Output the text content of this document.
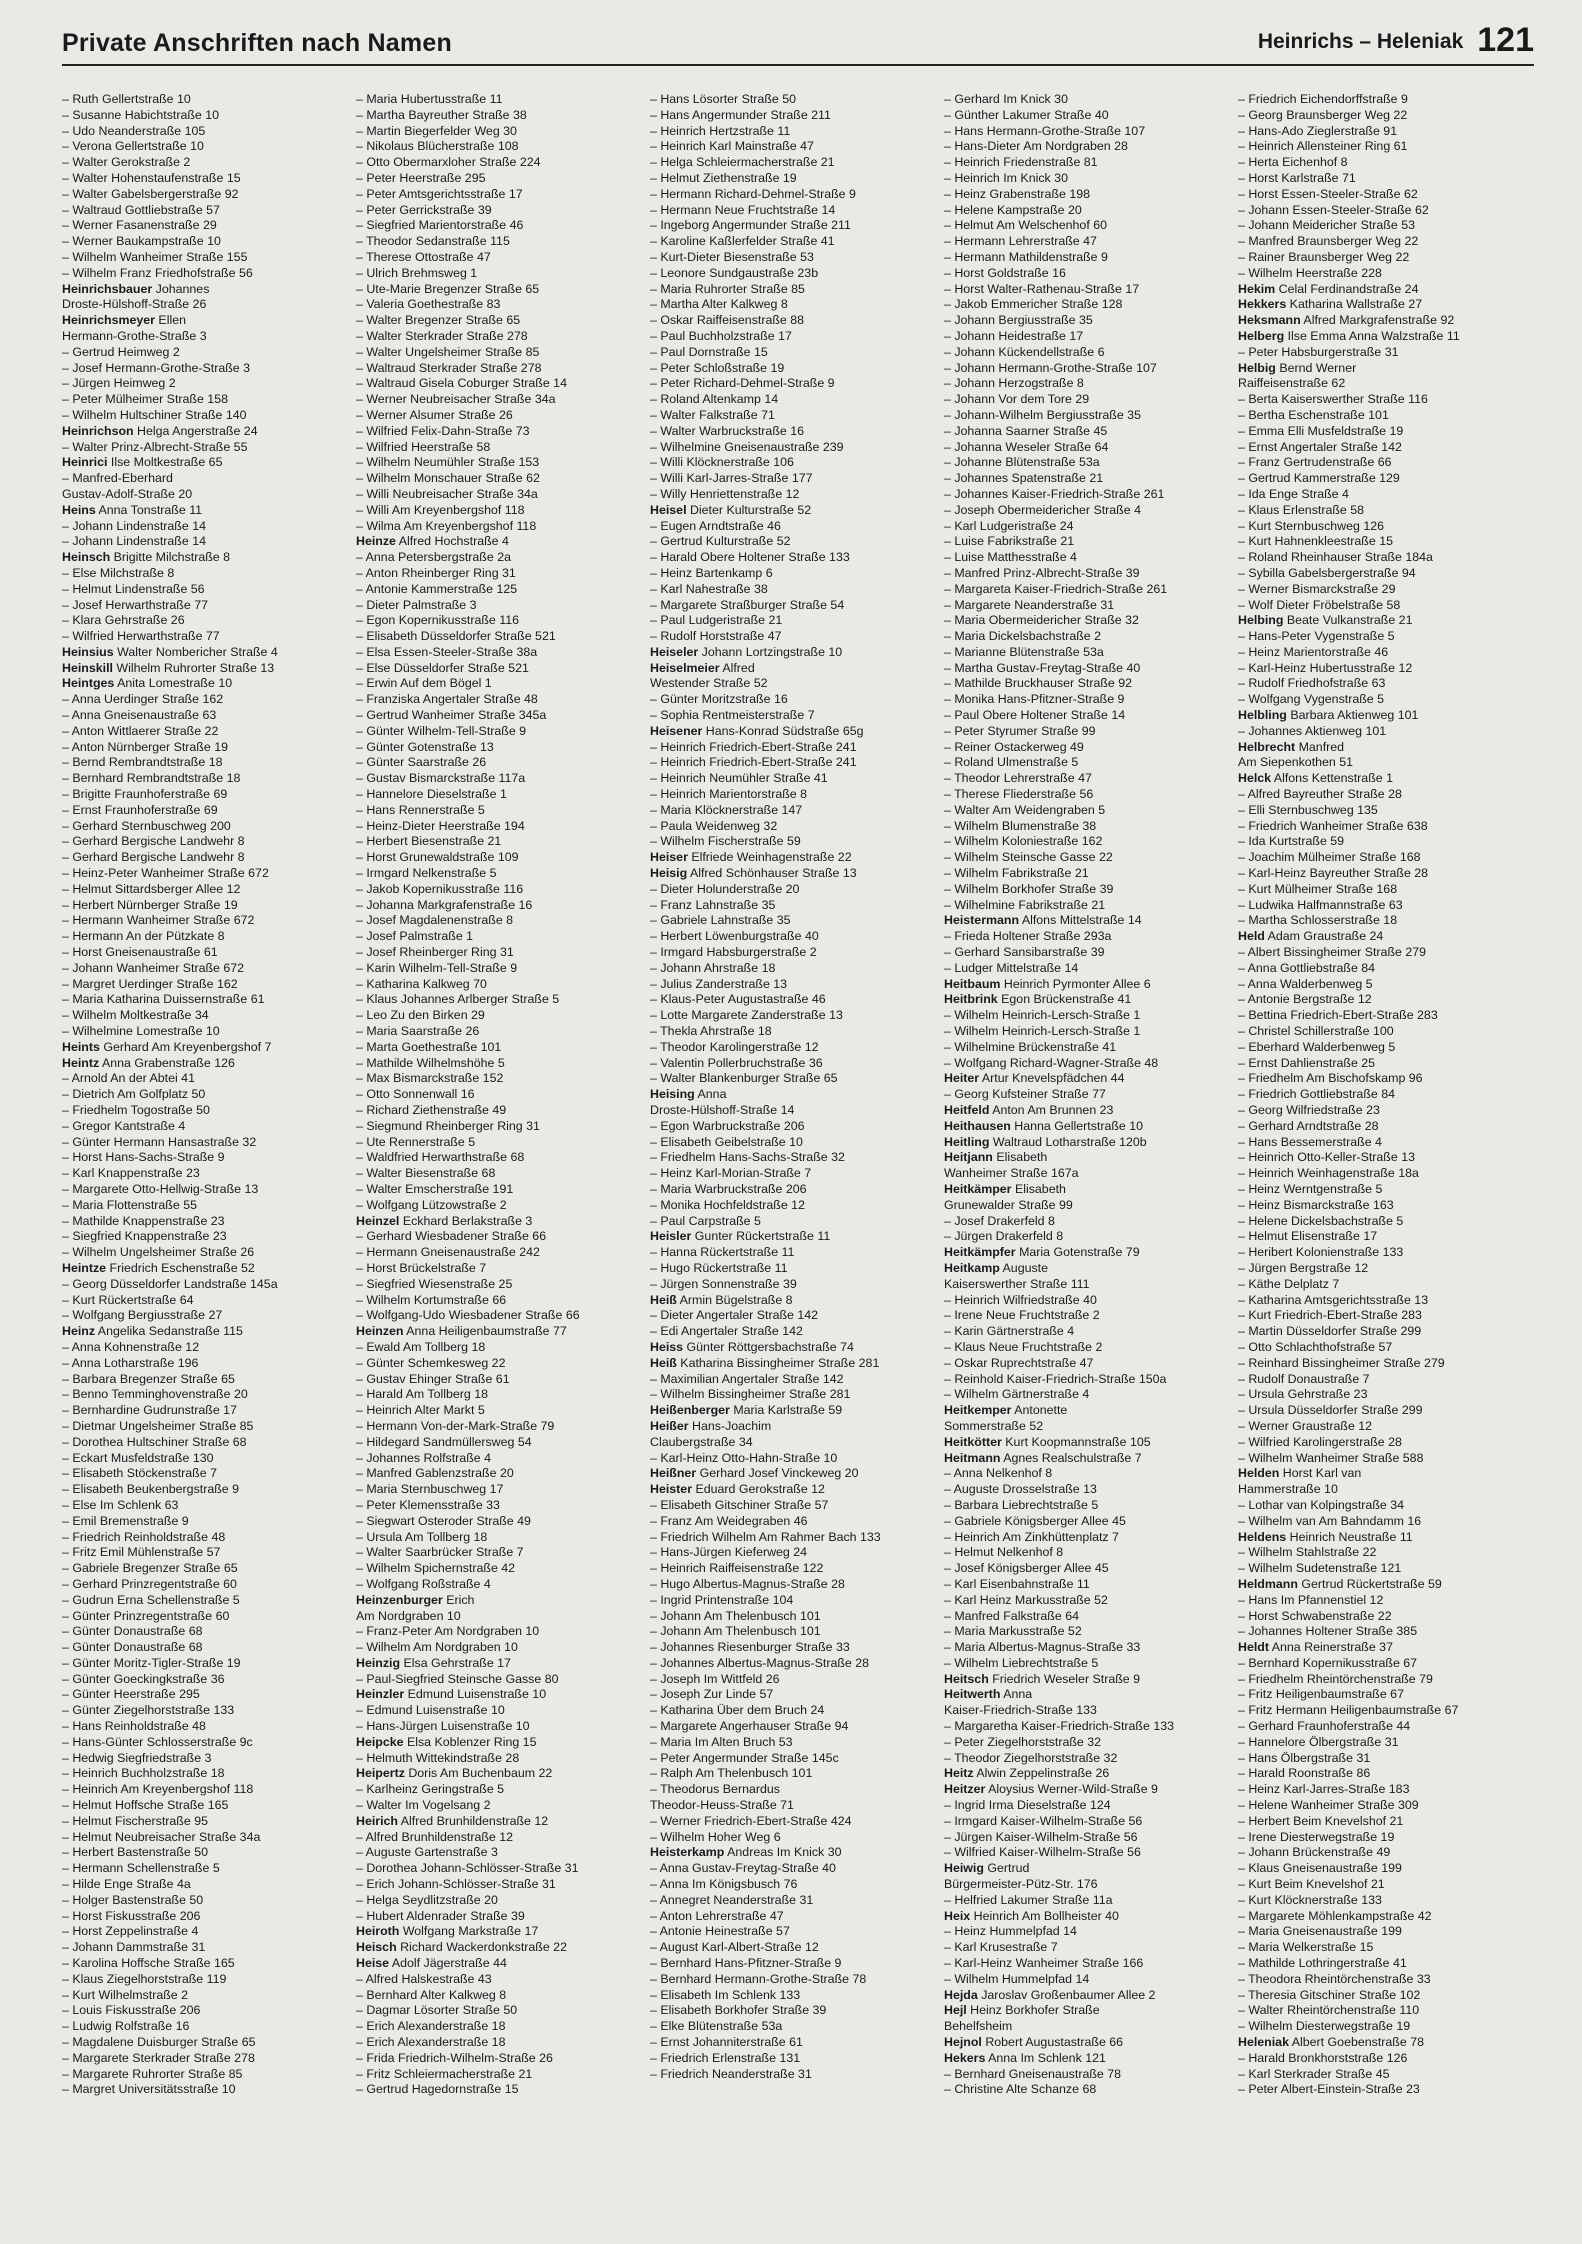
Private Anschriften nach Namen	Heinrichs – Heleniak 121
– Ruth Gellertstraße 10
– Susanne Habichtstraße 10
– Udo Neanderstraße 105
– Verona Gellertstraße 10
– Walter Gerokstraße 2
– Walter Hohenstaufenstraße 15
– Walter Gabelsbergerstraße 92
– Waltraud Gottliebstraße 57
– Werner Fasanenstraße 29
– Werner Baukampstraße 10
– Wilhelm Wanheimer Straße 155
– Wilhelm Franz Friedhofstraße 56
Heinrichsbauer Johannes
Droste-Hülshoff-Straße 26
Heinrichsmeyer Ellen
Hermann-Grothe-Straße 3
– Gertrud Heimweg 2
– Josef Hermann-Grothe-Straße 3
– Jürgen Heimweg 2
– Peter Mülheimer Straße 158
– Wilhelm Hultschiner Straße 140
Heinrichson Helga Angerstraße 24
– Walter Prinz-Albrecht-Straße 55
Heinrici Ilse Moltkestraße 65
– Manfred-Eberhard
Gustav-Adolf-Straße 20
Heins Anna Tonstraße 11
– Johann Lindenstraße 14
– Johann Lindenstraße 14
Heinsch Brigitte Milchstraße 8
– Else Milchstraße 8
– Helmut Lindenstraße 56
– Josef Herwarthstraße 77
– Klara Gehrstraße 26
– Wilfried Herwarthstraße 77
Heinsius Walter Nombericher Straße 4
Heinskill Wilhelm Ruhrorter Straße 13
Heintges Anita Lomestraße 10
– Anna Uerdinger Straße 162
– Anna Gneisenaustraße 63
– Anton Wittlaerer Straße 22
– Anton Nürnberger Straße 19
– Bernd Rembrandtstraße 18
– Bernhard Rembrandtstraße 18
– Brigitte Fraunhoferstraße 69
– Ernst Fraunhoferstraße 69
– Gerhard Sternbuschweg 200
– Gerhard Bergische Landwehr 8
– Gerhard Bergische Landwehr 8
– Heinz-Peter Wanheimer Straße 672
– Helmut Sittardsberger Allee 12
– Herbert Nürnberger Straße 19
– Hermann Wanheimer Straße 672
– Hermann An der Pützkate 8
– Horst Gneisenaustraße 61
– Johann Wanheimer Straße 672
– Margret Uerdinger Straße 162
– Maria Katharina Duissernstraße 61
– Wilhelm Moltkestraße 34
– Wilhelmine Lomestraße 10
Heints Gerhard Am Kreyenbergshof 7
Heintz Anna Grabenstraße 126
– Arnold An der Abtei 41
– Dietrich Am Golfplatz 50
– Friedhelm Togostraße 50
– Gregor Kantstraße 4
– Günter Hermann Hansastraße 32
– Horst Hans-Sachs-Straße 9
– Karl Knappenstraße 23
– Margarete Otto-Hellwig-Straße 13
– Maria Flottenstraße 55
– Mathilde Knappenstraße 23
– Siegfried Knappenstraße 23
– Wilhelm Ungelsheimer Straße 26
Heintze Friedrich Eschenstraße 52
– Georg Düsseldorfer Landstraße 145a
– Kurt Rückertstraße 64
– Wolfgang Bergiusstraße 27
Heinz Angelika Sedanstraße 115
– Anna Kohnenstraße 12
– Anna Lotharstraße 196
– Barbara Bregenzer Straße 65
– Benno Temminghovenstraße 20
– Bernhardine Gudrunstraße 17
– Dietmar Ungelsheimer Straße 85
– Dorothea Hultschiner Straße 68
– Eckart Musfeldstraße 130
– Elisabeth Stöckenstraße 7
– Elisabeth Beukenbergstraße 9
– Else Im Schlenk 63
– Emil Bremenstraße 9
– Friedrich Reinholdstraße 48
– Fritz Emil Mühlenstraße 57
– Gabriele Bregenzer Straße 65
– Gerhard Prinzregentstraße 60
– Gudrun Erna Schellenstraße 5
– Günter Prinzregentstraße 60
– Günter Donaustraße 68
– Günter Donaustraße 68
– Günter Moritz-Tigler-Straße 19
– Günter Goeckingkstraße 36
– Günter Heerstraße 295
– Günter Ziegelhorststraße 133
– Hans Reinholdstraße 48
– Hans-Günter Schlosserstraße 9c
– Hedwig Siegfriedstraße 3
– Heinrich Buchholzstraße 18
– Heinrich Am Kreyenbergshof 118
– Helmut Hoffsche Straße 165
– Helmut Fischerstraße 95
– Helmut Neubreisacher Straße 34a
– Herbert Bastenstraße 50
– Hermann Schellenstraße 5
– Hilde Enge Straße 4a
– Holger Bastenstraße 50
– Horst Fiskusstraße 206
– Horst Zeppelinstraße 4
– Johann Dammstraße 31
– Karolina Hoffsche Straße 165
– Klaus Ziegelhorststraße 119
– Kurt Wilhelmstraße 2
– Louis Fiskusstraße 206
– Ludwig Rolfstraße 16
– Magdalene Duisburger Straße 65
– Margarete Sterkrader Straße 278
– Margarete Ruhrorter Straße 85
– Margret Universitätsstraße 10
– Maria Hubertusstraße 11
– Martha Bayreuther Straße 38
– Martin Biegerfelder Weg 30
– Nikolaus Blücherstraße 108
– Otto Obermarxloher Straße 224
– Peter Heerstraße 295
– Peter Amtsgerichtsstraße 17
– Peter Gerrickstraße 39
– Siegfried Marientorstraße 46
– Theodor Sedanstraße 115
– Therese Ottostraße 47
– Ulrich Brehmsweg 1
– Ute-Marie Bregenzer Straße 65
– Valeria Goethestraße 83
– Walter Bregenzer Straße 65
– Walter Sterkrader Straße 278
– Walter Ungelsheimer Straße 85
– Waltraud Sterkrader Straße 278
– Waltraud Gisela Coburger Straße 14
– Werner Neubreisacher Straße 34a
– Werner Alsumer Straße 26
– Wilfried Felix-Dahn-Straße 73
– Wilfried Heerstraße 58
– Wilhelm Neumühler Straße 153
– Wilhelm Monschauer Straße 62
– Willi Neubreisacher Straße 34a
– Willi Am Kreyenbergshof 118
– Wilma Am Kreyenbergshof 118
Heinze Alfred Hochstraße 4
– Anna Petersbergstraße 2a
– Anton Rheinberger Ring 31
– Antonie Kammerstraße 125
– Dieter Palmstraße 3
– Egon Kopernikusstraße 116
– Elisabeth Düsseldorfer Straße 521
– Elsa Essen-Steeler-Straße 38a
– Else Düsseldorfer Straße 521
– Erwin Auf dem Bögel 1
– Franziska Angertaler Straße 48
– Gertrud Wanheimer Straße 345a
– Günter Wilhelm-Tell-Straße 9
– Günter Gotenstraße 13
– Günter Saarstraße 26
– Gustav Bismarckstraße 117a
– Hannelore Dieselstraße 1
– Hans Rennerstraße 5
– Heinz-Dieter Heerstraße 194
– Herbert Biesenstraße 21
– Horst Grunewaldstraße 109
– Irmgard Nelkenstraße 5
– Jakob Kopernikusstraße 116
– Johanna Markgrafenstraße 16
– Josef Magdalenenstraße 8
– Josef Palmstraße 1
– Josef Rheinberger Ring 31
– Karin Wilhelm-Tell-Straße 9
– Katharina Kalkweg 70
– Klaus Johannes Arlberger Straße 5
– Leo Zu den Birken 29
– Maria Saarstraße 26
– Marta Goethestraße 101
– Mathilde Wilhelmshöhe 5
– Max Bismarckstraße 152
– Otto Sonnenwall 16
– Richard Ziethenstraße 49
– Siegmund Rheinberger Ring 31
– Ute Rennerstraße 5
– Waldfried Herwarthstraße 68
– Walter Biesenstraße 68
– Walter Emscherstraße 191
– Wolfgang Lützowstraße 2
Heinzel Eckhard Berlakstraße 3
– Gerhard Wiesbadener Straße 66
– Hermann Gneisenaustraße 242
– Horst Brückelstraße 7
– Siegfried Wiesenstraße 25
– Wilhelm Kortumstraße 66
– Wolfgang-Udo Wiesbadener Straße 66
Heinzen Anna Heiligenbaumstraße 77
– Ewald Am Tollberg 18
– Günter Schemkesweg 22
– Gustav Ehinger Straße 61
– Harald Am Tollberg 18
– Heinrich Alter Markt 5
– Hermann Von-der-Mark-Straße 79
– Hildegard Sandmüllersweg 54
– Johannes Rolfstraße 4
– Manfred Gablenzstraße 20
– Maria Sternbuschweg 17
– Peter Klemensstraße 33
– Siegwart Osteroder Straße 49
– Ursula Am Tollberg 18
– Walter Saarbrücker Straße 7
– Wilhelm Spichernstraße 42
– Wolfgang Roßstraße 4
Heinzenburger Erich
Am Nordgraben 10
– Franz-Peter Am Nordgraben 10
– Wilhelm Am Nordgraben 10
Heinzig Elsa Gehrstraße 17
– Paul-Siegfried Steinsche Gasse 80
Heinzler Edmund Luisenstraße 10
– Edmund Luisenstraße 10
– Hans-Jürgen Luisenstraße 10
Heipcke Elsa Koblenzer Ring 15
– Helmuth Wittekindstraße 28
Heipertz Doris Am Buchenbaum 22
– Karlheinz Geringstraße 5
– Walter Im Vogelsang 2
Heirich Alfred Brunhildenstraße 12
– Alfred Brunhildenstraße 12
– Auguste Gartenstraße 3
– Dorothea Johann-Schlösser-Straße 31
– Erich Johann-Schlösser-Straße 31
– Helga Seydlitzstraße 20
– Hubert Aldenrader Straße 39
Heiroth Wolfgang Markstraße 17
Heisch Richard Wackerdonkstraße 22
Heise Adolf Jägerstraße 44
– Alfred Halskestraße 43
– Bernhard Alter Kalkweg 8
– Dagmar Lösorter Straße 50
– Erich Alexanderstraße 18
– Erich Alexanderstraße 18
– Frida Friedrich-Wilhelm-Straße 26
– Fritz Schleiermacherstraße 21
– Gertrud Hagedornstraße 15
– Hans Lösorter Straße 50
– Hans Angermunder Straße 211
– Heinrich Hertzstraße 11
– Heinrich Karl Mainstraße 47
– Helga Schleiermacherstraße 21
– Helmut Ziethenstraße 19
– Hermann Richard-Dehmel-Straße 9
– Hermann Neue Fruchtstraße 14
– Ingeborg Angermunder Straße 211
– Karoline Kaßlerfelder Straße 41
– Kurt-Dieter Biesenstraße 53
– Leonore Sundgaustraße 23b
– Maria Ruhrorter Straße 85
– Martha Alter Kalkweg 8
– Oskar Raiffeisenstraße 88
– Paul Buchholzstraße 17
– Paul Dornstraße 15
– Peter Schloßstraße 19
– Peter Richard-Dehmel-Straße 9
– Roland Altenkamp 14
– Walter Falkstraße 71
– Walter Warbruckstraße 16
– Wilhelmine Gneisenaustraße 239
– Willi Klöcknerstraße 106
– Willi Karl-Jarres-Straße 177
– Willy Henriettenstraße 12
Heisel Dieter Kulturstraße 52
– Eugen Arndtstraße 46
– Gertrud Kulturstraße 52
– Harald Obere Holtener Straße 133
– Heinz Bartenkamp 6
– Karl Nahestraße 38
– Margarete Straßburger Straße 54
– Paul Ludgeristraße 21
– Rudolf Horststraße 47
Heiseler Johann Lortzingstraße 10
Heiselmeier Alfred
Westender Straße 52
– Günter Moritzstraße 16
– Sophia Rentmeisterstraße 7
Heisener Hans-Konrad Südstraße 65g
– Heinrich Friedrich-Ebert-Straße 241
– Heinrich Friedrich-Ebert-Straße 241
– Heinrich Neumühler Straße 41
– Heinrich Marientorstraße 8
– Maria Klöcknerstraße 147
– Paula Weidenweg 32
– Wilhelm Fischerstraße 59
Heiser Elfriede Weinhagenstraße 22
Heisig Alfred Schönhauser Straße 13
– Dieter Holunderstraße 20
– Franz Lahnstraße 35
– Gabriele Lahnstraße 35
– Herbert Löwenburgstraße 40
– Irmgard Habsburgerstraße 2
– Johann Ahrstraße 18
– Julius Zanderstraße 13
– Klaus-Peter Augustastraße 46
– Lotte Margarete Zanderstraße 13
– Thekla Ahrstraße 18
– Theodor Karolingerstraße 12
– Valentin Pollerbruchstraße 36
– Walter Blankenburger Straße 65
Heising Anna
Droste-Hülshoff-Straße 14
– Egon Warbruckstraße 206
– Elisabeth Geibelstraße 10
– Friedhelm Hans-Sachs-Straße 32
– Heinz Karl-Morian-Straße 7
– Maria Warbruckstraße 206
– Monika Hochfeldstraße 12
– Paul Carpstraße 5
Heisler Gunter Rückertstraße 11
– Hanna Rückertstraße 11
– Hugo Rückertstraße 11
– Jürgen Sonnenstraße 39
Heiß Armin Bügelstraße 8
– Dieter Angertaler Straße 142
– Edi Angertaler Straße 142
Heiss Günter Röttgersbachstraße 74
Heiß Katharina Bissingheimer Straße 281
– Maximilian Angertaler Straße 142
– Wilhelm Bissingheimer Straße 281
Heißenberger Maria Karlstraße 59
Heißer Hans-Joachim
Claubergstraße 34
– Karl-Heinz Otto-Hahn-Straße 10
Heißner Gerhard Josef Vinckeweg 20
Heister Eduard Gerokstraße 12
– Elisabeth Gitschiner Straße 57
– Franz Am Weidegraben 46
– Friedrich Wilhelm Am Rahmer Bach 133
– Hans-Jürgen Kieferweg 24
– Heinrich Raiffeisenstraße 122
– Hugo Albertus-Magnus-Straße 28
– Ingrid Printenstraße 104
– Johann Am Thelenbusch 101
– Johann Am Thelenbusch 101
– Johannes Riesenburger Straße 33
– Johannes Albertus-Magnus-Straße 28
– Joseph Im Wittfeld 26
– Joseph Zur Linde 57
– Katharina Über dem Bruch 24
– Margarete Angerhauser Straße 94
– Maria Im Alten Bruch 53
– Peter Angermunder Straße 145c
– Ralph Am Thelenbusch 101
– Theodorus Bernardus
Theodor-Heuss-Straße 71
– Werner Friedrich-Ebert-Straße 424
– Wilhelm Hoher Weg 6
Heisterkamp Andreas Im Knick 30
– Anna Gustav-Freytag-Straße 40
– Anna Im Königsbusch 76
– Annegret Neanderstraße 31
– Anton Lehrerstraße 47
– Antonie Heinestraße 57
– August Karl-Albert-Straße 12
– Bernhard Hans-Pfitzner-Straße 9
– Bernhard Hermann-Grothe-Straße 78
– Elisabeth Im Schlenk 133
– Elisabeth Borkhofer Straße 39
– Elke Blütenstraße 53a
– Ernst Johanniterstraße 61
– Friedrich Erlenstraße 131
– Friedrich Neanderstraße 31
– Gerhard Im Knick 30
– Günther Lakumer Straße 40
– Hans Hermann-Grothe-Straße 107
– Hans-Dieter Am Nordgraben 28
– Heinrich Friedenstraße 81
– Heinrich Im Knick 30
– Heinz Grabenstraße 198
– Helene Kampstraße 20
– Helmut Am Welschenhof 60
– Hermann Lehrerstraße 47
– Hermann Mathildenstraße 9
– Horst Goldstraße 16
– Horst Walter-Rathenau-Straße 17
– Jakob Emmericher Straße 128
– Johann Bergiusstraße 35
– Johann Heidestraße 17
– Johann Kückendellstraße 6
– Johann Hermann-Grothe-Straße 107
– Johann Herzogstraße 8
– Johann Vor dem Tore 29
– Johann-Wilhelm Bergiusstraße 35
– Johanna Saarner Straße 45
– Johanna Weseler Straße 64
– Johanne Blütenstraße 53a
– Johannes Spatenstraße 21
– Johannes Kaiser-Friedrich-Straße 261
– Joseph Obermeidericher Straße 4
– Karl Ludgeristraße 24
– Luise Fabrikstraße 21
– Luise Matthesstraße 4
– Manfred Prinz-Albrecht-Straße 39
– Margareta Kaiser-Friedrich-Straße 261
– Margarete Neanderstraße 31
– Maria Obermeidericher Straße 32
– Maria Dickelsbachstraße 2
– Marianne Blütenstraße 53a
– Martha Gustav-Freytag-Straße 40
– Mathilde Bruckhauser Straße 92
– Monika Hans-Pfitzner-Straße 9
– Paul Obere Holtener Straße 14
– Peter Styrumer Straße 99
– Reiner Ostackerweg 49
– Roland Ulmenstraße 5
– Theodor Lehrerstraße 47
– Therese Fliederstraße 56
– Walter Am Weidengraben 5
– Wilhelm Blumenstraße 38
– Wilhelm Koloniestraße 162
– Wilhelm Steinsche Gasse 22
– Wilhelm Fabrikstraße 21
– Wilhelm Borkhofer Straße 39
– Wilhelmine Fabrikstraße 21
Heistermann Alfons Mittelstraße 14
– Frieda Holtener Straße 293a
– Gerhard Sansibarstraße 39
– Ludger Mittelstraße 14
Heitbaum Heinrich Pyrmonter Allee 6
Heitbrink Egon Brückenstraße 41
– Wilhelm Heinrich-Lersch-Straße 1
– Wilhelm Heinrich-Lersch-Straße 1
– Wilhelmine Brückenstraße 41
– Wolfgang Richard-Wagner-Straße 48
Heiter Artur Knevelspfädchen 44
– Georg Kufsteiner Straße 77
Heitfeld Anton Am Brunnen 23
Heithausen Hanna Gellertstraße 10
Heitling Waltraud Lotharstraße 120b
Heitjann Elisabeth
Wanheimer Straße 167a
Heitkämper Elisabeth
Grunewalder Straße 99
– Josef Drakerfeld 8
– Jürgen Drakerfeld 8
Heitkämpfer Maria Gotenstraße 79
Heitkamp Auguste
Kaiserswerther Straße 111
– Heinrich Wilfriedstraße 40
– Irene Neue Fruchtstraße 2
– Karin Gärtnerstraße 4
– Klaus Neue Fruchtstraße 2
– Oskar Ruprechtstraße 47
– Reinhold Kaiser-Friedrich-Straße 150a
– Wilhelm Gärtnerstraße 4
Heitkemper Antonette
Sommerstraße 52
Heitkötter Kurt Koopmannstraße 105
Heitmann Agnes Realschulstraße 7
– Anna Nelkenhof 8
– Auguste Drosselstraße 13
– Barbara Liebrechtstraße 5
– Gabriele Königsberger Allee 45
– Heinrich Am Zinkhüttenplatz 7
– Helmut Nelkenhof 8
– Josef Königsberger Allee 45
– Karl Eisenbahnstraße 11
– Karl Heinz Markusstraße 52
– Manfred Falkstraße 64
– Maria Markusstraße 52
– Maria Albertus-Magnus-Straße 33
– Wilhelm Liebrechtstraße 5
Heitsch Friedrich Weseler Straße 9
Heitwerth Anna
Kaiser-Friedrich-Straße 133
– Margaretha Kaiser-Friedrich-Straße 133
– Peter Ziegelhorststraße 32
– Theodor Ziegelhorststraße 32
Heitz Alwin Zeppelinstraße 26
Heitzer Aloysius Werner-Wild-Straße 9
– Ingrid Irma Dieselstraße 124
– Irmgard Kaiser-Wilhelm-Straße 56
– Jürgen Kaiser-Wilhelm-Straße 56
– Wilfried Kaiser-Wilhelm-Straße 56
Heiwig Gertrud
Bürgermeister-Pütz-Str. 176
– Helfried Lakumer Straße 11a
Heix Heinrich Am Bollheister 40
– Heinz Hummelpfad 14
– Karl Krusestraße 7
– Karl-Heinz Wanheimer Straße 166
– Wilhelm Hummelpfad 14
Hejda Jaroslav Großenbaumer Allee 2
Hejl Heinz Borkhofer Straße
Behelfsheim
Hejnol Robert Augustastraße 66
Hekers Anna Im Schlenk 121
– Bernhard Gneisenaustraße 78
– Christine Alte Schanze 68
– Friedrich Eichendorffstraße 9
– Georg Braunsberger Weg 22
– Hans-Ado Zieglerstraße 91
– Heinrich Allensteiner Ring 61
– Herta Eichenhof 8
– Horst Karlstraße 71
– Horst Essen-Steeler-Straße 62
– Johann Essen-Steeler-Straße 62
– Johann Meidericher Straße 53
– Manfred Braunsberger Weg 22
– Rainer Braunsberger Weg 22
– Wilhelm Heerstraße 228
Hekim Celal Ferdinandstraße 24
Hekkers Katharina Wallstraße 27
Heksmann Alfred Markgrafenstraße 92
Helberg Ilse Emma Anna Walzstraße 11
– Peter Habsburgerstraße 31
Helbig Bernd Werner
Raiffeisenstraße 62
– Berta Kaiserswerther Straße 116
– Bertha Eschenstraße 101
– Emma Elli Musfeldstraße 19
– Ernst Angertaler Straße 142
– Franz Gertrudenstraße 66
– Gertrud Kammerstraße 129
– Ida Enge Straße 4
– Klaus Erlenstraße 58
– Kurt Sternbuschweg 126
– Kurt Hahnenkleestraße 15
– Roland Rheinhauser Straße 184a
– Sybilla Gabelsbergerstraße 94
– Werner Bismarckstraße 29
– Wolf Dieter Fröbelstraße 58
Helbing Beate Vulkanstraße 21
– Hans-Peter Vygenstraße 5
– Heinz Marientorstraße 46
– Karl-Heinz Hubertusstraße 12
– Rudolf Friedhofstraße 63
– Wolfgang Vygenstraße 5
Helbling Barbara Aktienweg 101
– Johannes Aktienweg 101
Helbrecht Manfred
Am Siepenkothen 51
Helck Alfons Kettenstraße 1
– Alfred Bayreuther Straße 28
– Elli Sternbuschweg 135
– Friedrich Wanheimer Straße 638
– Ida Kurtstraße 59
– Joachim Mülheimer Straße 168
– Karl-Heinz Bayreuther Straße 28
– Kurt Mülheimer Straße 168
– Ludwika Halfmannstraße 63
– Martha Schlosserstraße 18
Held Adam Graustraße 24
– Albert Bissingheimer Straße 279
– Anna Gottliebstraße 84
– Anna Walderbenweg 5
– Antonie Bergstraße 12
– Bettina Friedrich-Ebert-Straße 283
– Christel Schillerstraße 100
– Eberhard Walderbenweg 5
– Ernst Dahlienstraße 25
– Friedhelm Am Bischofskamp 96
– Friedrich Gottliebstraße 84
– Georg Wilfriedstraße 23
– Gerhard Arndtstraße 28
– Hans Bessemerstraße 4
– Heinrich Otto-Keller-Straße 13
– Heinrich Weinhagenstraße 18a
– Heinz Werntgenstraße 5
– Heinz Bismarckstraße 163
– Helene Dickelsbachstraße 5
– Helmut Elisenstraße 17
– Heribert Kolonienstraße 133
– Jürgen Bergstraße 12
– Käthe Delplatz 7
– Katharina Amtsgerichtsstraße 13
– Kurt Friedrich-Ebert-Straße 283
– Martin Düsseldorfer Straße 299
– Otto Schlachthofstraße 57
– Reinhard Bissingheimer Straße 279
– Rudolf Donaustraße 7
– Ursula Gehrstraße 23
– Ursula Düsseldorfer Straße 299
– Werner Graustraße 12
– Wilfried Karolingerstraße 28
– Wilhelm Wanheimer Straße 588
Helden Horst Karl van
Hammerstraße 10
– Lothar van Kolpingstraße 34
– Wilhelm van Am Bahndamm 16
Heldens Heinrich Neustraße 11
– Wilhelm Stahlstraße 22
– Wilhelm Sudetenstraße 121
Heldmann Gertrud Rückertstraße 59
– Hans Im Pfannenstiel 12
– Horst Schwabenstraße 22
– Johannes Holtener Straße 385
Heldt Anna Reinerstraße 37
– Bernhard Kopernikusstraße 67
– Friedhelm Rheintörchenstraße 79
– Fritz Heiligenbaumstraße 67
– Fritz Hermann Heiligenbaumstraße 67
– Gerhard Fraunhoferstraße 44
– Hannelore Ölbergstraße 31
– Hans Ölbergstraße 31
– Harald Roonstraße 86
– Heinz Karl-Jarres-Straße 183
– Helene Wanheimer Straße 309
– Herbert Beim Knevelshof 21
– Irene Diesterwegstraße 19
– Johann Brückenstraße 49
– Klaus Gneisenaustraße 199
– Kurt Beim Knevelshof 21
– Kurt Klöcknerstraße 133
– Margarete Möhlenkampstraße 42
– Maria Gneisenaustraße 199
– Maria Welkerstraße 15
– Mathilde Lothringerstraße 41
– Theodora Rheintörchenstraße 33
– Theresia Gitschiner Straße 102
– Walter Rheintörchenstraße 110
– Wilhelm Diesterwegstraße 19
Heleniak Albert Goebenstraße 78
– Harald Bronkhorststraße 126
– Karl Sterkrader Straße 45
– Peter Albert-Einstein-Straße 23
